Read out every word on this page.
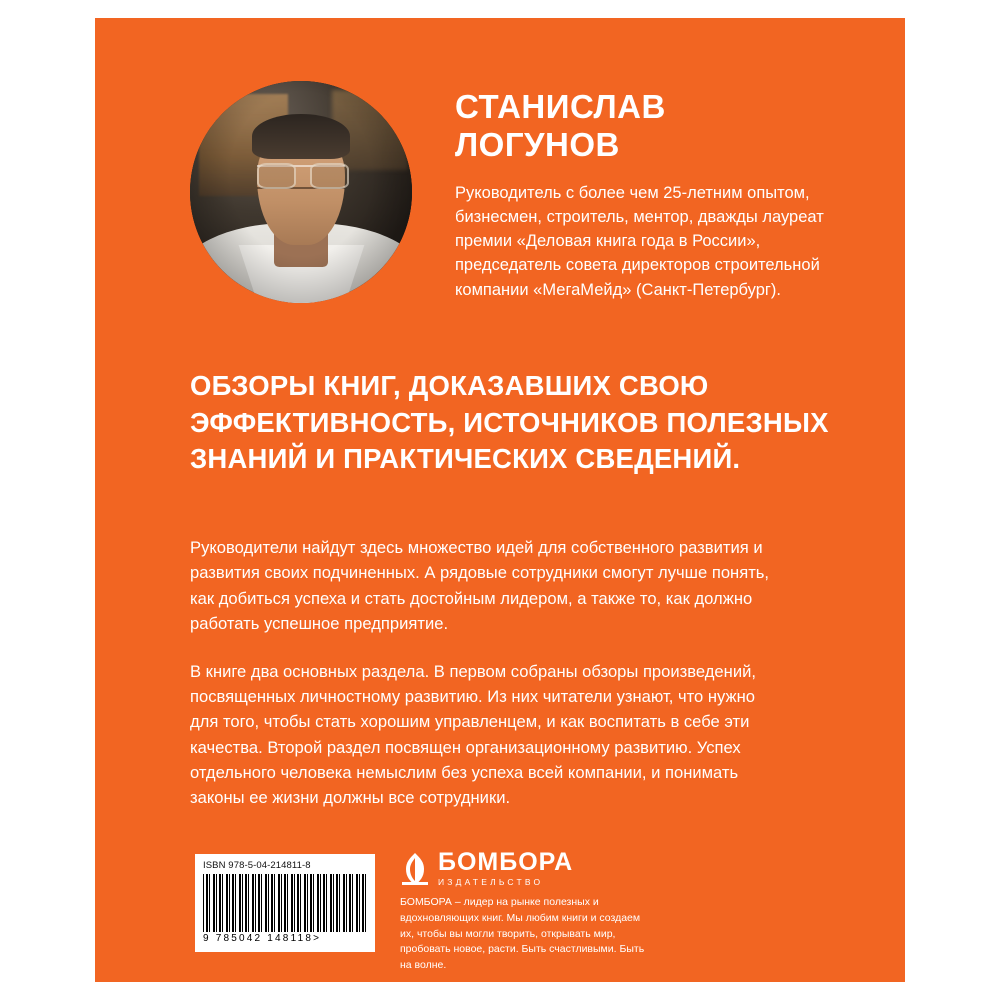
СТАНИСЛАВ
ЛОГУНОВ

Руководитель с более чем 25-летним опытом, бизнесмен, строитель, ментор, дважды лауреат премии «Деловая книга года в России», председатель совета директоров строительной компании «МегаМейд» (Санкт-Петербург).

ОБЗОРЫ КНИГ, ДОКАЗАВШИХ СВОЮ ЭФФЕКТИВНОСТЬ, ИСТОЧНИКОВ ПОЛЕЗНЫХ ЗНАНИЙ И ПРАКТИЧЕСКИХ СВЕДЕНИЙ.

Руководители найдут здесь множество идей для собственного развития и развития своих подчиненных. А рядовые сотрудники смогут лучше понять, как добиться успеха и стать достойным лидером, а также то, как должно работать успешное предприятие.

В книге два основных раздела. В первом собраны обзоры произведений, посвященных личностному развитию. Из них читатели узнают, что нужно для того, чтобы стать хорошим управленцем, и как воспитать в себе эти качества. Второй раздел посвящен организационному развитию. Успех отдельного человека немыслим без успеха всей компании, и понимать законы ее жизни должны все сотрудники.

ISBN 978-5-04-214811-8
9 785042 148118>
БОМБОРА
ИЗДАТЕЛЬСТВО

БОМБОРА – лидер на рынке полезных и вдохновляющих книг. Мы любим книги и создаем их, чтобы вы могли творить, открывать мир, пробовать новое, расти. Быть счастливыми. Быть на волне.
